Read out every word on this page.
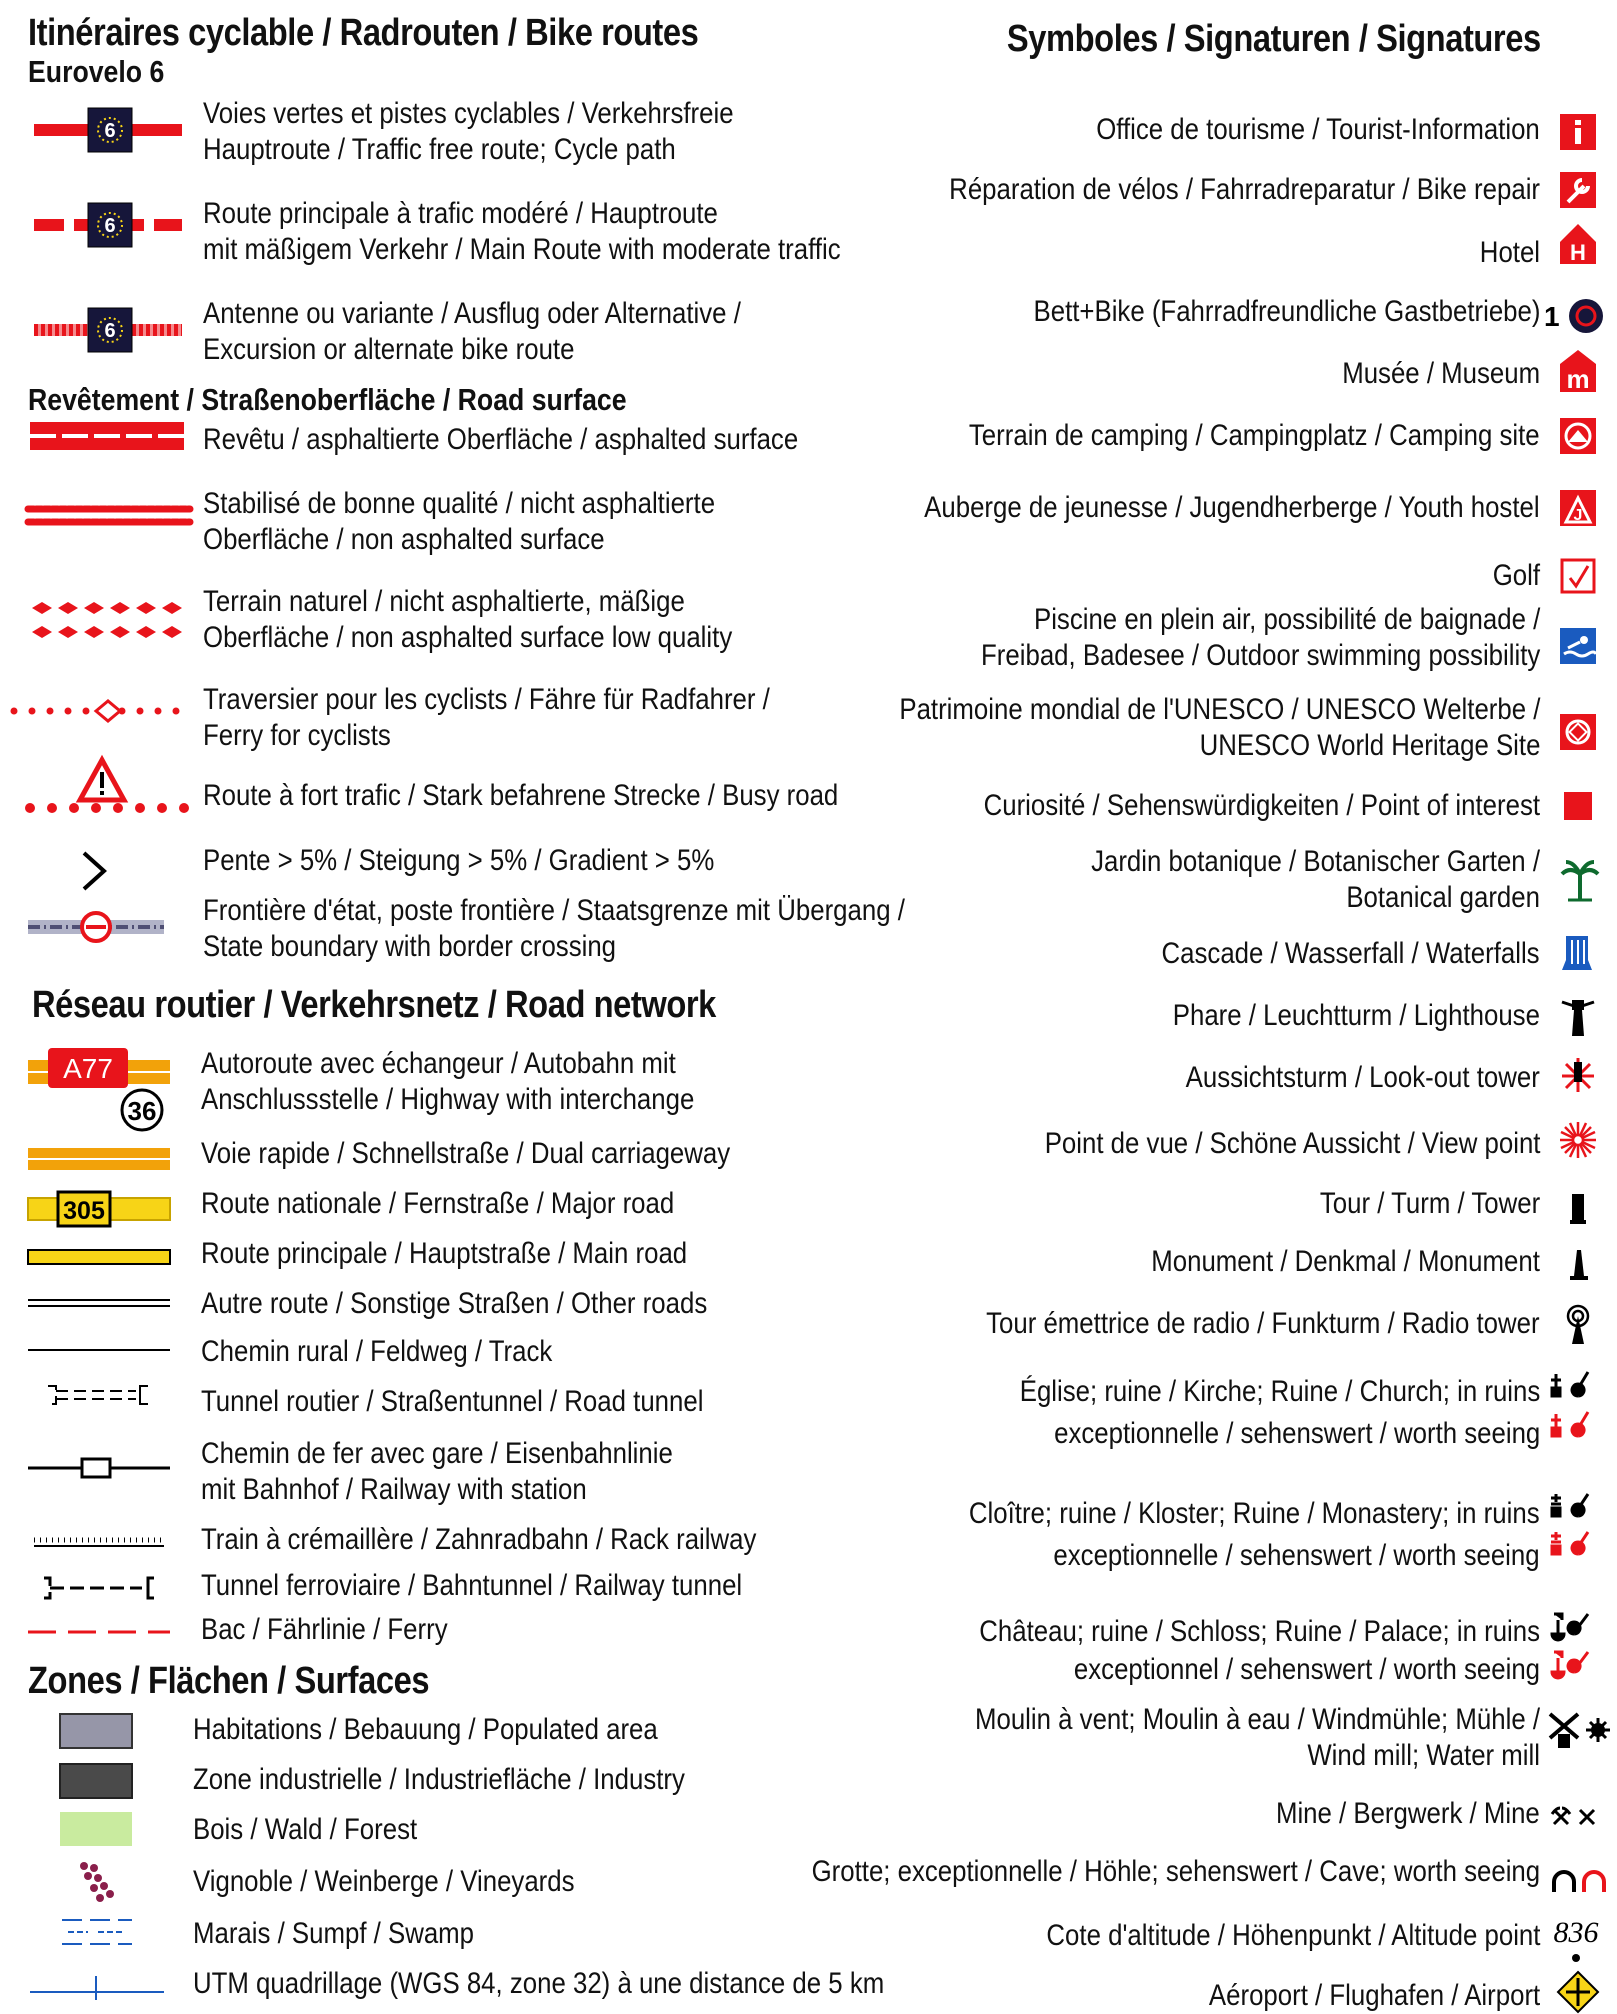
Itinéraires cyclable / Radrouten / Bike routes
Eurovelo 6
6
6
6
Voies vertes et pistes cyclables / Verkehrsfreie
Hauptroute / Traffic free route; Cycle path
Route principale à trafic modéré / Hauptroute
mit mäßigem Verkehr / Main Route with moderate traffic
Antenne ou variante / Ausflug oder Alternative /
Excursion or alternate bike route
Revêtement / Straßenoberfläche / Road surface
Revêtu / asphaltierte Oberfläche / asphalted surface
Stabilisé de bonne qualité / nicht asphaltierte
Oberfläche / non asphalted surface
Terrain naturel / nicht asphaltierte, mäßige
Oberfläche / non asphalted surface low quality
Traversier pour les cyclists / Fähre für Radfahrer /
Ferry for cyclists
Route à fort trafic / Stark befahrene Strecke / Busy road
Pente > 5% / Steigung > 5% / Gradient > 5%
Frontière d'état, poste frontière / Staatsgrenze mit Übergang /
State boundary with border crossing
Réseau routier / Verkehrsnetz / Road network
A77
36
305
Autoroute avec échangeur / Autobahn mit
Anschlussstelle / Highway with interchange
Voie rapide / Schnellstraße / Dual carriageway
Route nationale / Fernstraße / Major road
Route principale / Hauptstraße / Main road
Autre route / Sonstige Straßen / Other roads
Chemin rural / Feldweg / Track
Tunnel routier / Straßentunnel / Road tunnel
Chemin de fer avec gare / Eisenbahnlinie
mit Bahnhof / Railway with station
Train à crémaillère / Zahnradbahn / Rack railway
Tunnel ferroviaire / Bahntunnel / Railway tunnel
Bac / Fährlinie / Ferry
Zones / Flächen / Surfaces
Habitations / Bebauung / Populated area
Zone industrielle / Industriefläche / Industry
Bois / Wald / Forest
Vignoble / Weinberge / Vineyards
Marais / Sumpf / Swamp
UTM quadrillage (WGS 84, zone 32) à une distance de 5 km
Symboles / Signaturen / Signatures
Office de tourisme / Tourist-Information
Réparation de vélos / Fahrradreparatur / Bike repair
Hotel
Bett+Bike (Fahrradfreundliche Gastbetriebe)
Musée / Museum
Terrain de camping / Campingplatz / Camping site
Auberge de jeunesse / Jugendherberge / Youth hostel
Golf
Piscine en plein air, possibilité de baignade /
Freibad, Badesee / Outdoor swimming possibility
Patrimoine mondial de l'UNESCO / UNESCO Welterbe /
UNESCO World Heritage Site
Curiosité / Sehenswürdigkeiten / Point of interest
Jardin botanique / Botanischer Garten /
Botanical garden
Cascade / Wasserfall / Waterfalls
Phare / Leuchtturm / Lighthouse
Aussichtsturm / Look-out tower
Point de vue / Schöne Aussicht / View point
Tour / Turm / Tower
Monument / Denkmal / Monument
Tour émettrice de radio / Funkturm / Radio tower
Église; ruine / Kirche; Ruine / Church; in ruins
exceptionnelle / sehenswert / worth seeing
Cloître; ruine / Kloster; Ruine / Monastery; in ruins
exceptionnelle / sehenswert / worth seeing
Château; ruine / Schloss; Ruine / Palace; in ruins
exceptionnel / sehenswert / worth seeing
Moulin à vent; Moulin à eau / Windmühle; Mühle /
Wind mill; Water mill
Mine / Bergwerk / Mine
Grotte; exceptionnelle / Höhle; sehenswert / Cave; worth seeing
Cote d'altitude / Höhenpunkt / Altitude point
Aéroport / Flughafen / Airport
H
1
m
J
836
